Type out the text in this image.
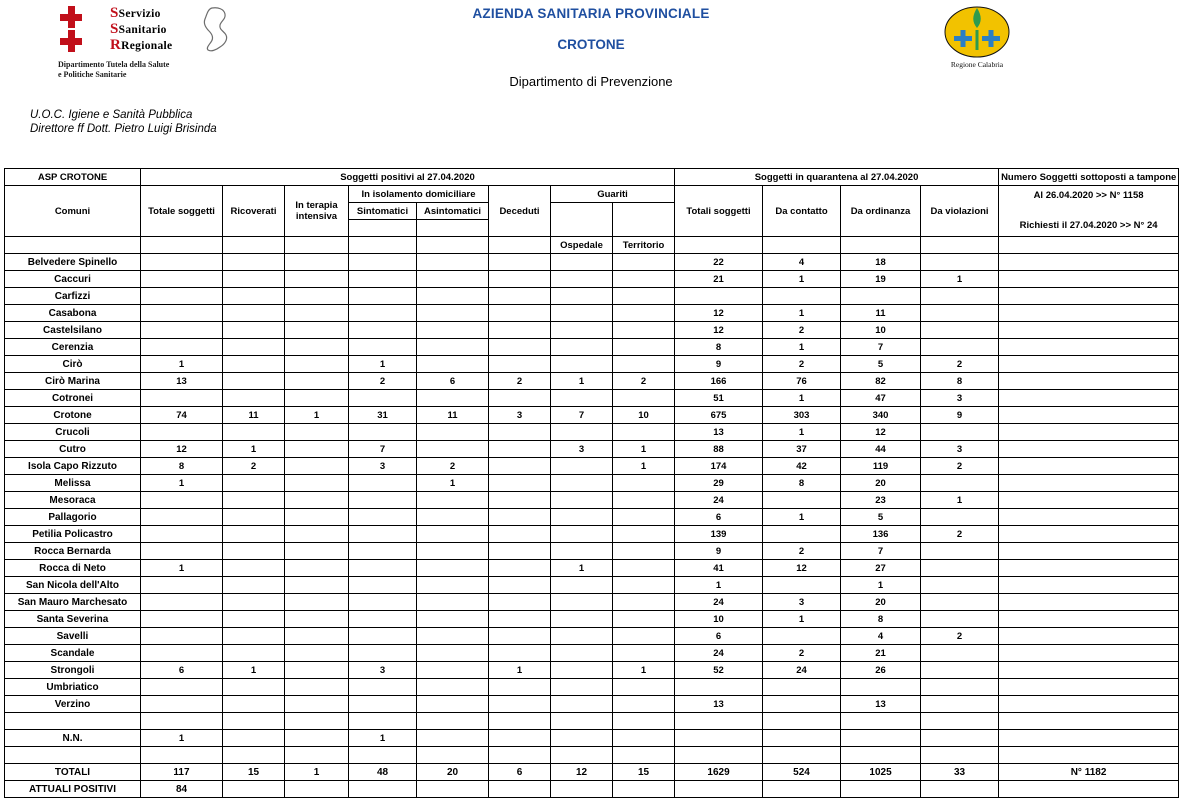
SServizio
SSanitario
RRegionale
Dipartimento Tutela della Salute
e Politiche Sanitarie
AZIENDA SANITARIA PROVINCIALE
CROTONE
Dipartimento di Prevenzione
Regione Calabria
U.O.C. Igiene e Sanità Pubblica
Direttore ff Dott. Pietro Luigi Brisinda
ASP CROTONE	Soggetti positivi al 27.04.2020								Soggetti in quarantena al 27.04.2020				Numero Soggetti sottoposti a tampone
Comuni	Totale soggetti	Ricoverati	In terapia intensiva	In isolamento domiciliare		Deceduti	Guariti		Totali soggetti	Da contatto	Da ordinanza	Da violazioni	Al 26.04.2020 >> N° 1158
Richiesti il 27.04.2020 >> N° 24

				Sintomatici	Asintomatici								

							Ospedale	Territorio					
Belvedere Spinello									22	4	18		
Caccuri									21	1	19	1	
Carfizzi													
Casabona									12	1	11		
Castelsilano									12	2	10		
Cerenzia									8	1	7		
Cirò	1			1					9	2	5	2	
Cirò Marina	13			2	6	2	1	2	166	76	82	8	
Cotronei									51	1	47	3	
Crotone	74	11	1	31	11	3	7	10	675	303	340	9	
Crucoli									13	1	12		
Cutro	12	1		7			3	1	88	37	44	3	
Isola Capo Rizzuto	8	2		3	2			1	174	42	119	2	
Melissa	1				1				29	8	20		
Mesoraca									24		23	1	
Pallagorio									6	1	5		
Petilia Policastro									139		136	2	
Rocca Bernarda									9	2	7		
Rocca di Neto	1						1		41	12	27		
San Nicola dell'Alto									1		1		
San Mauro Marchesato									24	3	20		
Santa Severina									10	1	8		
Savelli									6		4	2	
Scandale									24	2	21		
Strongoli	6	1		3		1		1	52	24	26		
Umbriatico													
Verzino									13		13		

N.N.	1			1									

TOTALI	117	15	1	48	20	6	12	15	1629	524	1025	33	N° 1182
ATTUALI POSITIVI	84												
